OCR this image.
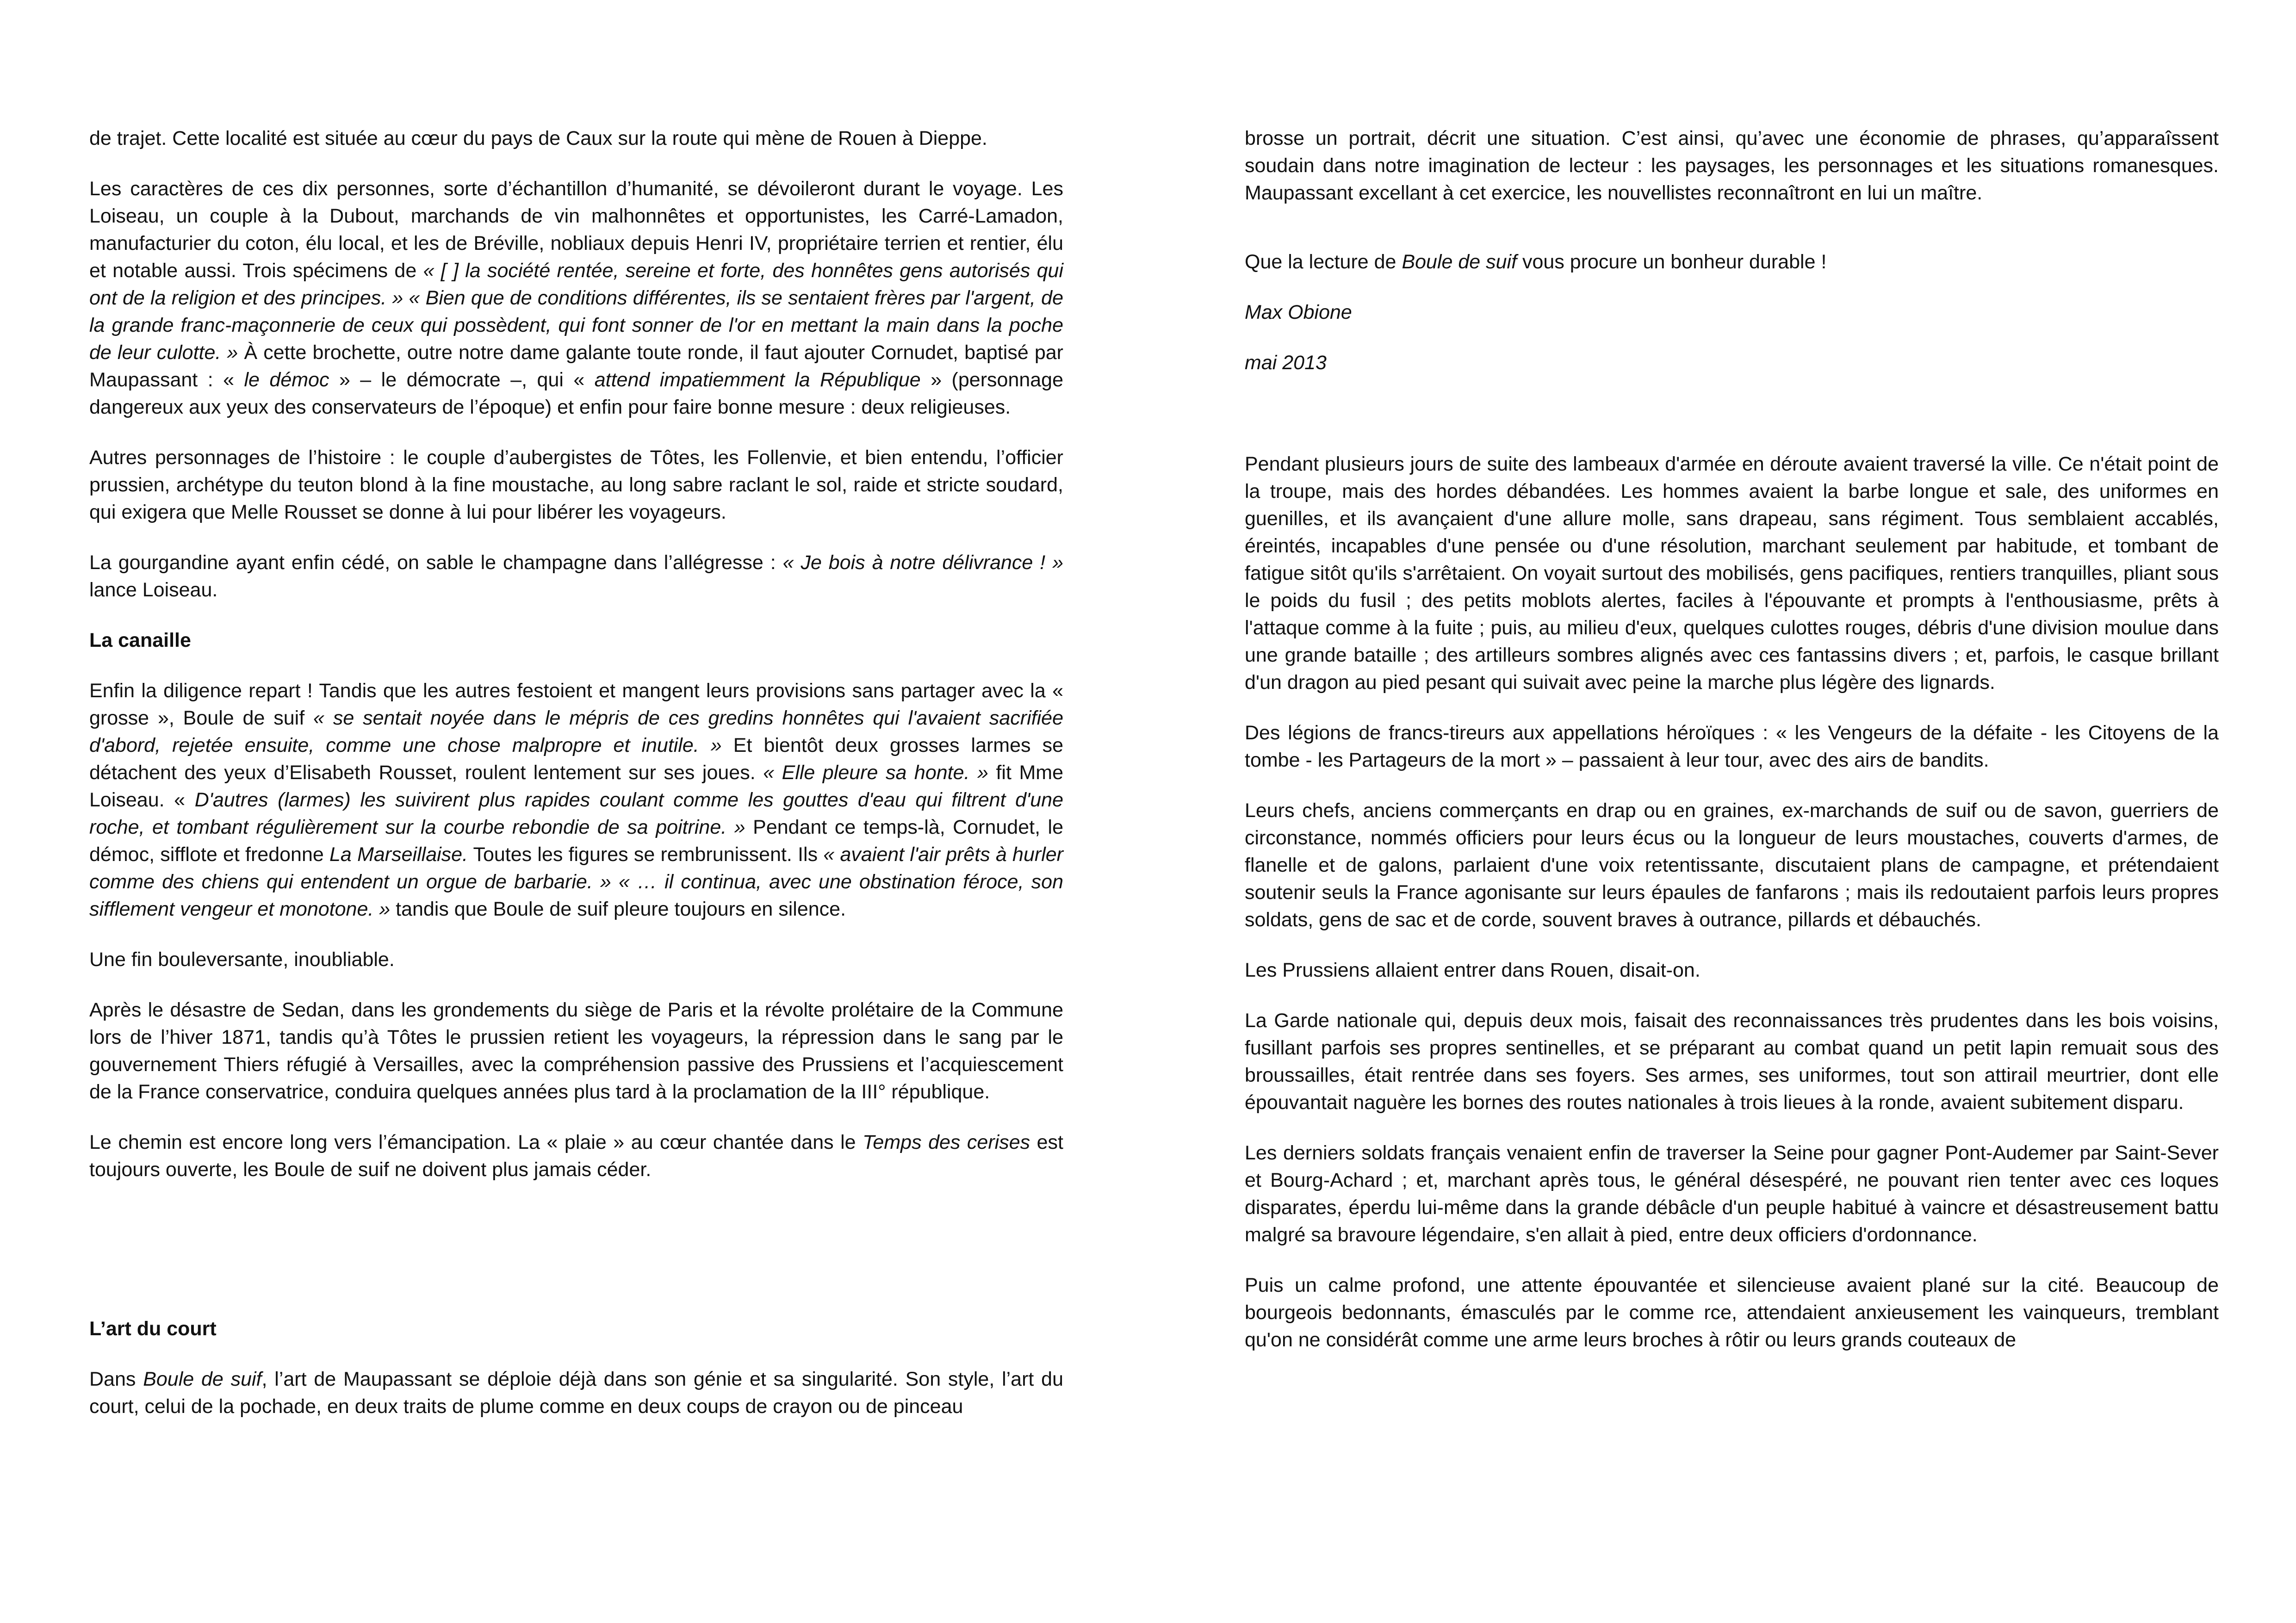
de trajet. Cette localité est située au cœur du pays de Caux sur la route qui mène de Rouen à Dieppe.

Les caractères de ces dix personnes, sorte d’échantillon d’humanité, se dévoileront durant le voyage. Les Loiseau, un couple à la Dubout, marchands de vin malhonnêtes et opportunistes, les Carré-Lamadon, manufacturier du coton, élu local, et les de Bréville, nobliaux depuis Henri IV, propriétaire terrien et rentier, élu et notable aussi. Trois spécimens de « [ ] la société rentée, sereine et forte, des honnêtes gens autorisés qui ont de la religion et des principes. » « Bien que de conditions différentes, ils se sentaient frères par l'argent, de la grande franc-maçonnerie de ceux qui possèdent, qui font sonner de l'or en mettant la main dans la poche de leur culotte. » À cette brochette, outre notre dame galante toute ronde, il faut ajouter Cornudet, baptisé par Maupassant : « le démoc » – le démocrate –, qui « attend impatiemment la République » (personnage dangereux aux yeux des conservateurs de l’époque) et enfin pour faire bonne mesure : deux religieuses.

Autres personnages de l’histoire : le couple d’aubergistes de Tôtes, les Follenvie, et bien entendu, l’officier prussien, archétype du teuton blond à la fine moustache, au long sabre raclant le sol, raide et stricte soudard, qui exigera que Melle Rousset se donne à lui pour libérer les voyageurs.

La gourgandine ayant enfin cédé, on sable le champagne dans l’allégresse : « Je bois à notre délivrance ! » lance Loiseau.

La canaille

Enfin la diligence repart ! Tandis que les autres festoient et mangent leurs provisions sans partager avec la « grosse », Boule de suif « se sentait noyée dans le mépris de ces gredins honnêtes qui l'avaient sacrifiée d'abord, rejetée ensuite, comme une chose malpropre et inutile. » Et bientôt deux grosses larmes se détachent des yeux d’Elisabeth Rousset, roulent lentement sur ses joues. « Elle pleure sa honte. » fit Mme Loiseau. « D'autres (larmes) les suivirent plus rapides coulant comme les gouttes d'eau qui filtrent d'une roche, et tombant régulièrement sur la courbe rebondie de sa poitrine. » Pendant ce temps-là, Cornudet, le démoc, sifflote et fredonne La Marseillaise. Toutes les figures se rembrunissent. Ils « avaient l'air prêts à hurler comme des chiens qui entendent un orgue de barbarie. » « … il continua, avec une obstination féroce, son sifflement vengeur et monotone. » tandis que Boule de suif pleure toujours en silence.

Une fin bouleversante, inoubliable.

Après le désastre de Sedan, dans les grondements du siège de Paris et la révolte prolétaire de la Commune lors de l’hiver 1871, tandis qu’à Tôtes le prussien retient les voyageurs, la répression dans le sang par le gouvernement Thiers réfugié à Versailles, avec la compréhension passive des Prussiens et l’acquiescement de la France conservatrice, conduira quelques années plus tard à la proclamation de la III° république.

Le chemin est encore long vers l’émancipation. La « plaie » au cœur chantée dans le Temps des cerises est toujours ouverte, les Boule de suif ne doivent plus jamais céder.

L’art du court

Dans Boule de suif, l’art de Maupassant se déploie déjà dans son génie et sa singularité. Son style, l’art du court, celui de la pochade, en deux traits de plume comme en deux coups de crayon ou de pinceau

brosse un portrait, décrit une situation. C’est ainsi, qu’avec une économie de phrases, qu’apparaîssent soudain dans notre imagination de lecteur : les paysages, les personnages et les situations romanesques. Maupassant excellant à cet exercice, les nouvellistes reconnaîtront en lui un maître.

Que la lecture de Boule de suif vous procure un bonheur durable !

Max Obione

mai 2013

Pendant plusieurs jours de suite des lambeaux d'armée en déroute avaient traversé la ville. Ce n'était point de la troupe, mais des hordes débandées. Les hommes avaient la barbe longue et sale, des uniformes en guenilles, et ils avançaient d'une allure molle, sans drapeau, sans régiment. Tous semblaient accablés, éreintés, incapables d'une pensée ou d'une résolution, marchant seulement par habitude, et tombant de fatigue sitôt qu'ils s'arrêtaient. On voyait surtout des mobilisés, gens pacifiques, rentiers tranquilles, pliant sous le poids du fusil ; des petits moblots alertes, faciles à l'épouvante et prompts à l'enthousiasme, prêts à l'attaque comme à la fuite ; puis, au milieu d'eux, quelques culottes rouges, débris d'une division moulue dans une grande bataille ; des artilleurs sombres alignés avec ces fantassins divers ; et, parfois, le casque brillant d'un dragon au pied pesant qui suivait avec peine la marche plus légère des lignards.

Des légions de francs-tireurs aux appellations héroïques : « les Vengeurs de la défaite - les Citoyens de la tombe - les Partageurs de la mort » – passaient à leur tour, avec des airs de bandits.

Leurs chefs, anciens commerçants en drap ou en graines, ex-marchands de suif ou de savon, guerriers de circonstance, nommés officiers pour leurs écus ou la longueur de leurs moustaches, couverts d'armes, de flanelle et de galons, parlaient d'une voix retentissante, discutaient plans de campagne, et prétendaient soutenir seuls la France agonisante sur leurs épaules de fanfarons ; mais ils redoutaient parfois leurs propres soldats, gens de sac et de corde, souvent braves à outrance, pillards et débauchés.

Les Prussiens allaient entrer dans Rouen, disait-on.

La Garde nationale qui, depuis deux mois, faisait des reconnaissances très prudentes dans les bois voisins, fusillant parfois ses propres sentinelles, et se préparant au combat quand un petit lapin remuait sous des broussailles, était rentrée dans ses foyers. Ses armes, ses uniformes, tout son attirail meurtrier, dont elle épouvantait naguère les bornes des routes nationales à trois lieues à la ronde, avaient subitement disparu.

Les derniers soldats français venaient enfin de traverser la Seine pour gagner Pont-Audemer par Saint-Sever et Bourg-Achard ; et, marchant après tous, le général désespéré, ne pouvant rien tenter avec ces loques disparates, éperdu lui-même dans la grande débâcle d'un peuple habitué à vaincre et désastreusement battu malgré sa bravoure légendaire, s'en allait à pied, entre deux officiers d'ordonnance.

Puis un calme profond, une attente épouvantée et silencieuse avaient plané sur la cité. Beaucoup de bourgeois bedonnants, émasculés par le comme rce, attendaient anxieusement les vainqueurs, tremblant qu'on ne considérât comme une arme leurs broches à rôtir ou leurs grands couteaux de
